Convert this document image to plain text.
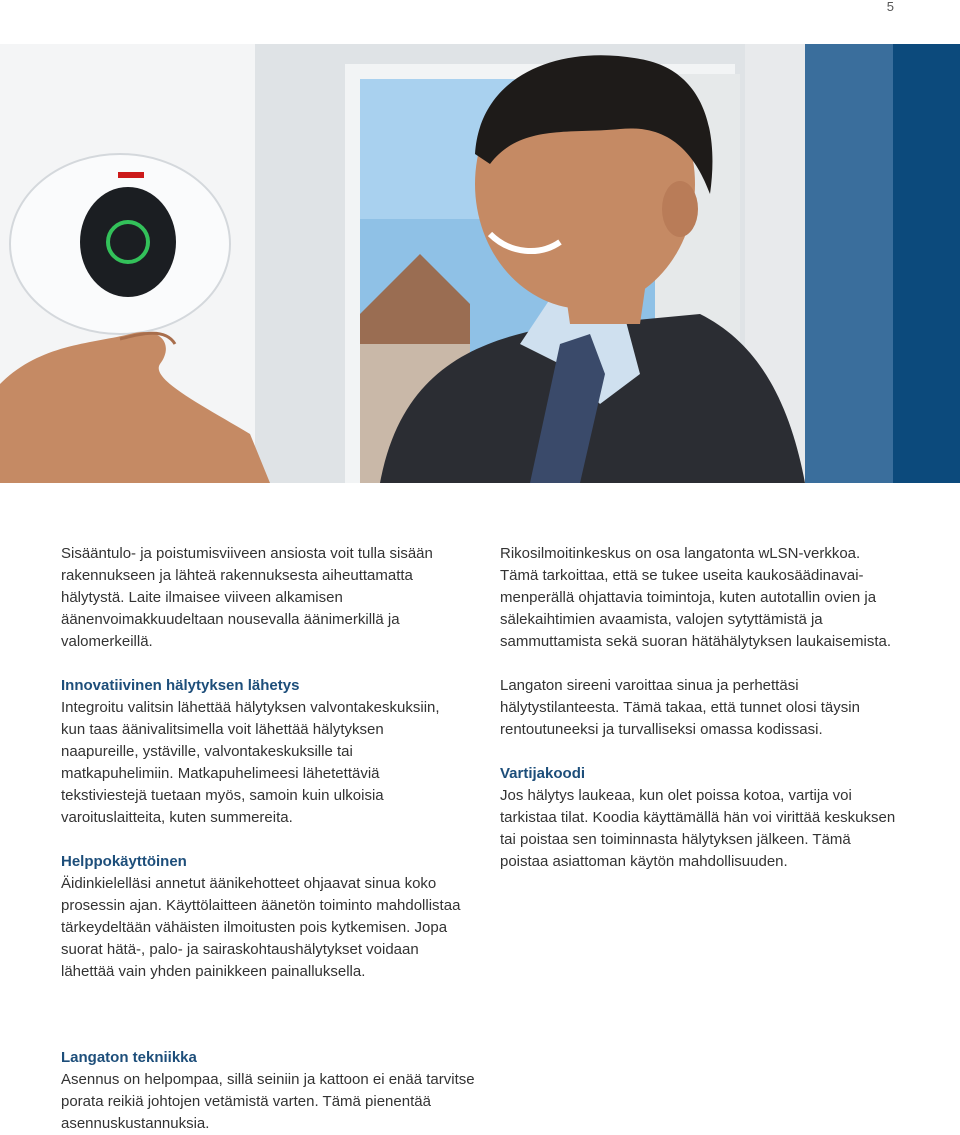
5

Sisääntulo- ja poistumisviiveen ansiosta voit tulla sisään rakennukseen ja lähteä rakennuksesta aiheuttamatta hälytystä. Laite ilmaisee viiveen alkamisen äänenvoimakkuudeltaan nousevalla äänimerkillä ja valomerkeillä.

Innovatiivinen hälytyksen lähetys

Integroitu valitsin lähettää hälytyksen valvontakeskuksiin, kun taas äänivalitsimella voit lähettää hälytyksen naapureille, ystäville, valvontakeskuksille tai matkapuhelimiin. Matkapuhelimeesi lähetettäviä tekstiviestejä tuetaan myös, samoin kuin ulkoisia varoituslaitteita, kuten summereita.

Helppokäyttöinen

Äidinkielelläsi annetut äänikehotteet ohjaavat sinua koko prosessin ajan. Käyttölaitteen äänetön toiminto mahdollistaa tärkeydeltään vähäisten ilmoitusten pois kytkemisen. Jopa suorat hätä-, palo- ja sairaskohtaushälytykset voidaan lähettää vain yhden painikkeen painalluksella.

Langaton tekniikka

Asennus on helpompaa, sillä seiniin ja kattoon ei enää tarvitse porata reikiä johtojen vetämistä varten. Tämä pienentää asennuskustannuksia.

Rikosilmoitinkeskus on osa langatonta wLSN-verkkoa. Tämä tarkoittaa, että se tukee useita kaukosäädinavai-menperällä ohjattavia toimintoja, kuten autotallin ovien ja sälekaihtimien avaamista, valojen sytyttämistä ja sammuttamista sekä suoran hätähälytyksen laukaisemista.

Langaton sireeni varoittaa sinua ja perhettäsi hälytystilanteesta. Tämä takaa, että tunnet olosi täysin rentoutuneeksi ja turvalliseksi omassa kodissasi.

Vartijakoodi

Jos hälytys laukeaa, kun olet poissa kotoa, vartija voi tarkistaa tilat. Koodia käyttämällä hän voi virittää keskuksen tai poistaa sen toiminnasta hälytyksen jälkeen. Tämä poistaa asiattoman käytön mahdollisuuden.
